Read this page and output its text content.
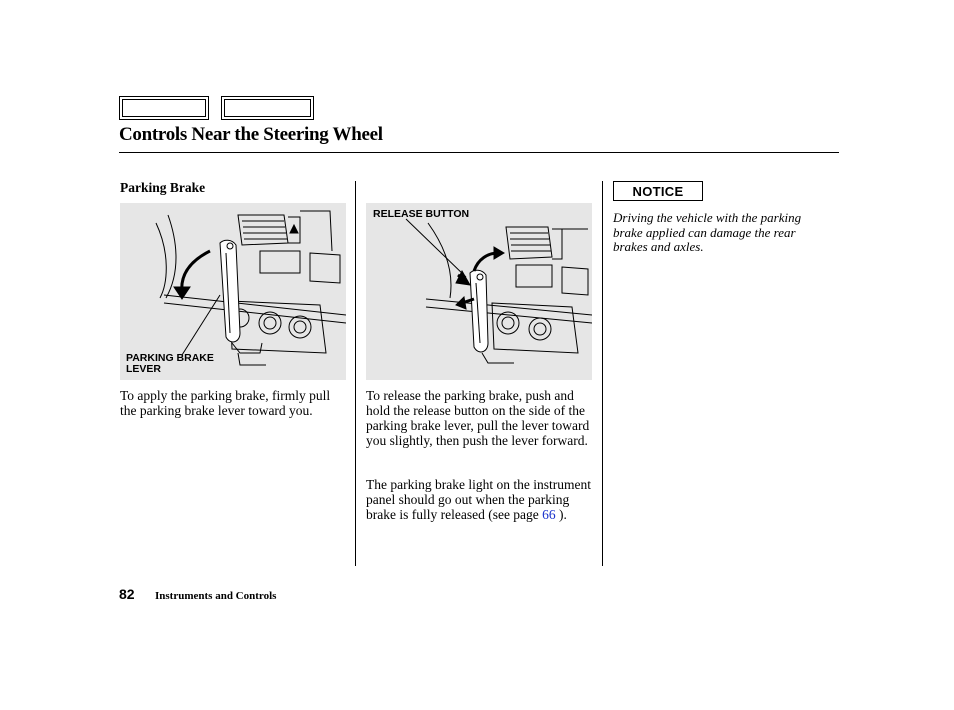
Controls Near the Steering Wheel
Parking Brake
PARKING BRAKE
LEVER
RELEASE BUTTON
To apply the parking brake, firmly pull the parking brake lever toward you.
To release the parking brake, push and hold the release button on the side of the parking brake lever, pull the lever toward you slightly, then push the lever forward.
The parking brake light on the instrument panel should go out when the parking brake is fully released (see page 66 ).
NOTICE
Driving the vehicle with the parking brake applied can damage the rear brakes and axles.
82 Instruments and Controls
